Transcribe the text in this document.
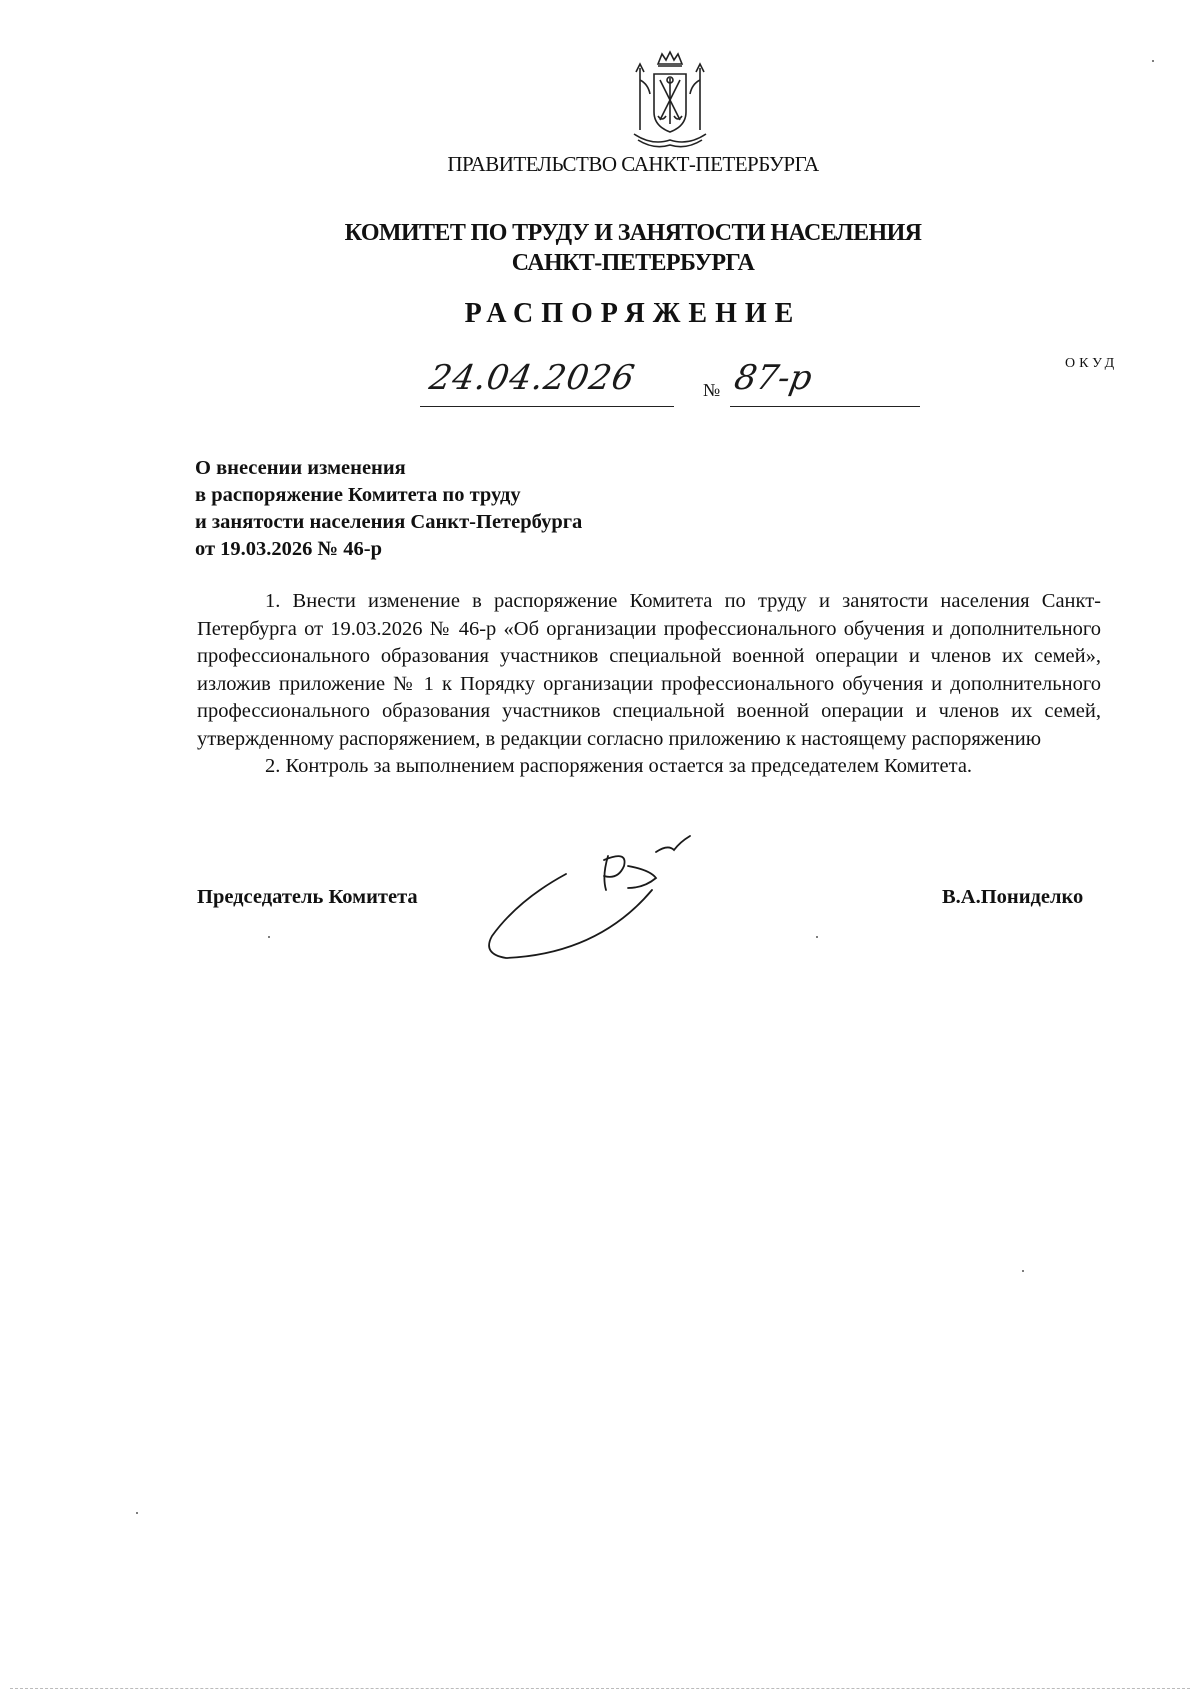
ПРАВИТЕЛЬСТВО САНКТ-ПЕТЕРБУРГА
КОМИТЕТ ПО ТРУДУ И ЗАНЯТОСТИ НАСЕЛЕНИЯ
САНКТ-ПЕТЕРБУРГА
РАСПОРЯЖЕНИЕ
ОКУД
24.04.2026	№ 87-р
О внесении изменения
в распоряжение Комитета по труду
и занятости населения Санкт-Петербурга
от 19.03.2026 № 46-р

1. Внести изменение в распоряжение Комитета по труду и занятости населения Санкт-Петербурга от 19.03.2026 № 46-р «Об организации профессионального обучения и дополнительного профессионального образования участников специальной военной операции и членов их семей», изложив приложение № 1 к Порядку организации профессионального обучения и дополнительного профессионального образования участников специальной военной операции и членов их семей, утвержденному распоряжением, в редакции согласно приложению к настоящему распоряжению

2. Контроль за выполнением распоряжения остается за председателем Комитета.

Председатель Комитета	В.А.Пониделко
